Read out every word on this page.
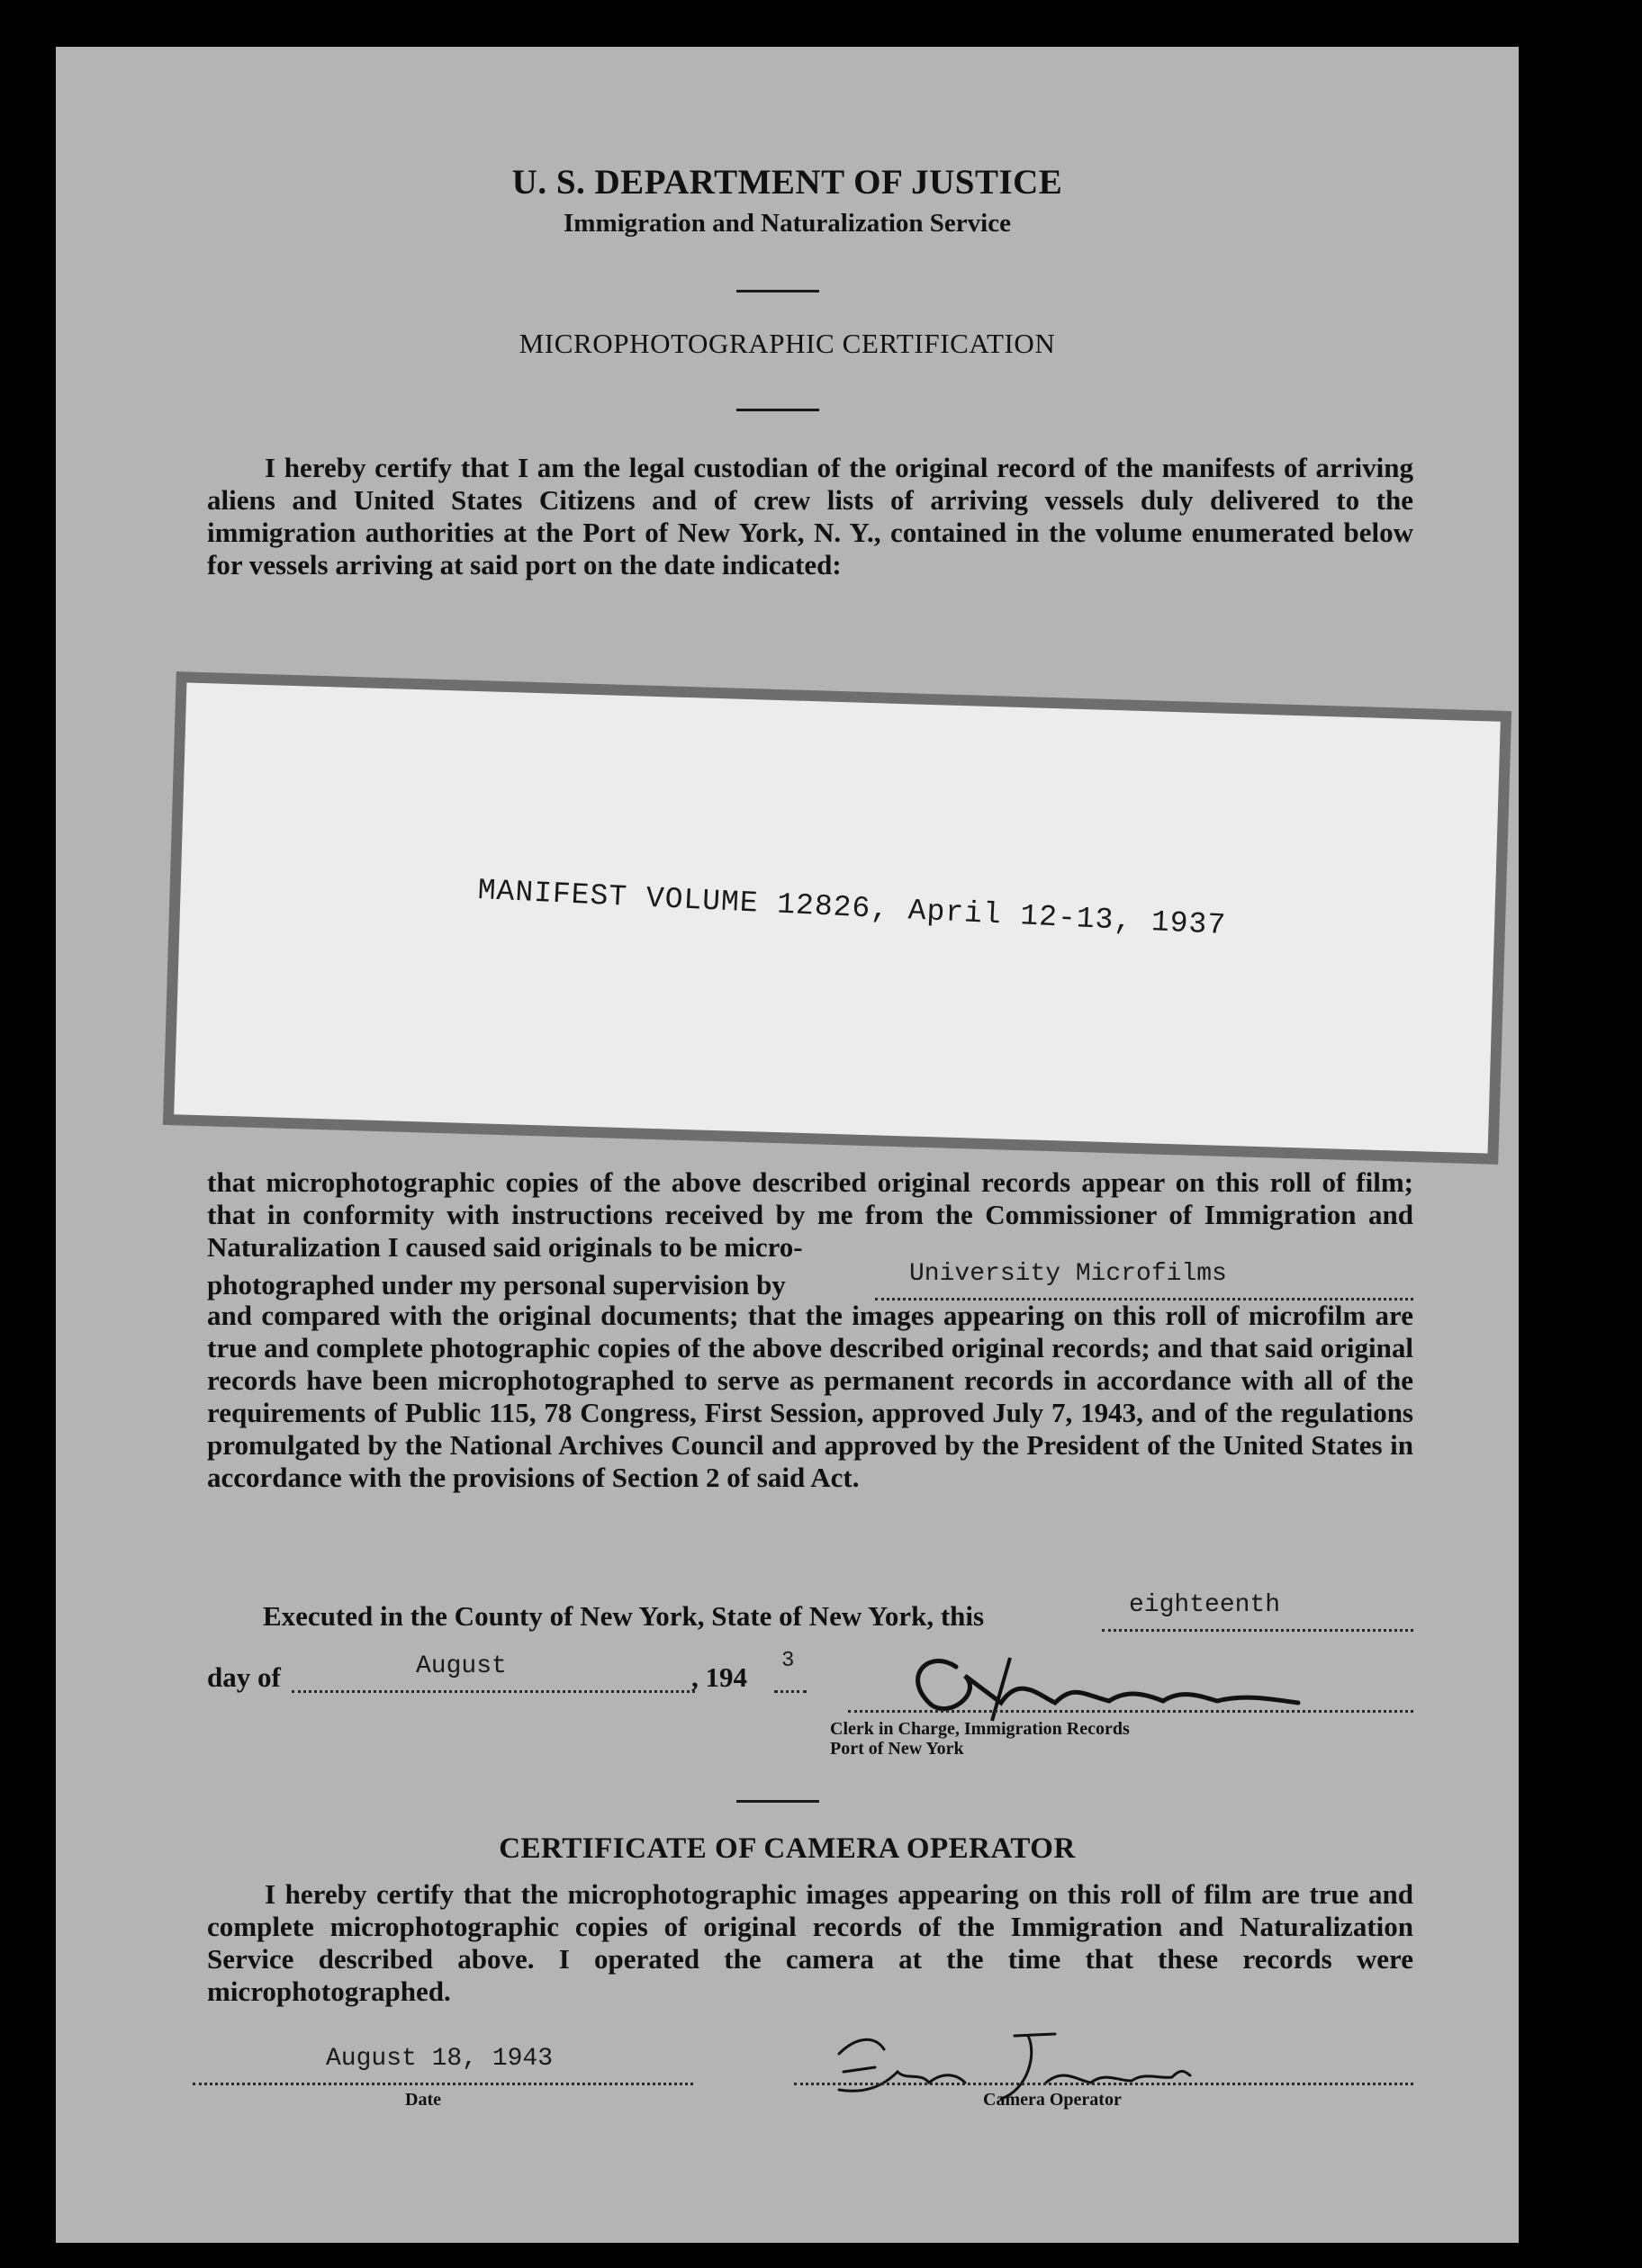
U. S. DEPARTMENT OF JUSTICE
Immigration and Naturalization Service
MICROPHOTOGRAPHIC CERTIFICATION
I hereby certify that I am the legal custodian of the original record of the manifests of arriving aliens and United States Citizens and of crew lists of arriving vessels duly delivered to the immigration authorities at the Port of New York, N. Y., contained in the volume enumerated below for vessels arriving at said port on the date indicated:
MANIFEST VOLUME 12826, April 12-13, 1937
that microphotographic copies of the above described original records appear on this roll of film; that in conformity with instructions received by me from the Commissioner of Immigration and Naturalization I caused said originals to be micro-
photographed under my personal supervision by	University Microfilms
and compared with the original documents; that the images appearing on this roll of microfilm are true and complete photographic copies of the above described original records; and that said original records have been microphotographed to serve as permanent records in accordance with all of the requirements of Public 115, 78 Congress, First Session, approved July 7, 1943, and of the regulations promulgated by the National Archives Council and approved by the President of the United States in accordance with the provisions of Section 2 of said Act.
Executed in the County of New York, State of New York, this	eighteenth
day of	August	, 194
3
Clerk in Charge, Immigration Records
Port of New York
CERTIFICATE OF CAMERA OPERATOR
I hereby certify that the microphotographic images appearing on this roll of film are true and complete microphotographic copies of original records of the Immigration and Naturalization Service described above. I operated the camera at the time that these records were microphotographed.
August 18, 1943
Date	Camera Operator
